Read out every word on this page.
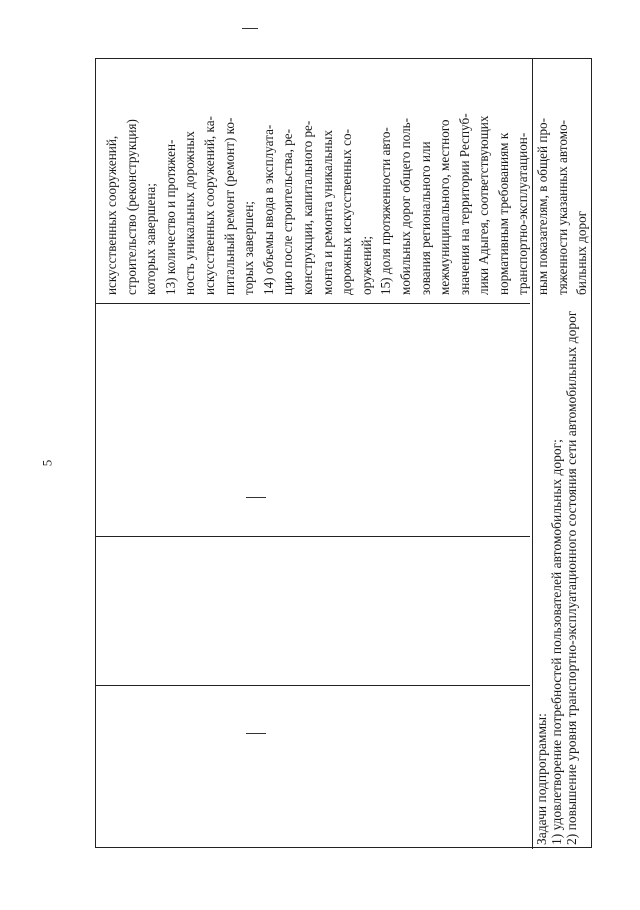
5
искусственных сооружений, строительство (реконструкция) которых завершена; 13) количество и протяжен- ность уникальных дорожных искусственных сооружений, ка- питальный ремонт (ремонт) ко- торых завершен; 14) объемы ввода в эксплуата- цию после строительства, ре- конструкции, капитального ре- монта и ремонта уникальных дорожных искусственных со- оружений; 15) доля протяженности авто- мобильных дорог общего поль- зования регионального или межмуниципального, местного значения на территории Респуб- лики Адыгея, соответствующих нормативным требованиям к транспортно-эксплуатацион- ным показателям, в общей про- тяженности указанных автомо- бильных дорог
Задачи подпрограммы: 1) удовлетворение потребностей пользователей автомобильных дорог; 2) повышение уровня транспортно-эксплуатационного состояния сети автомобильных дорог
